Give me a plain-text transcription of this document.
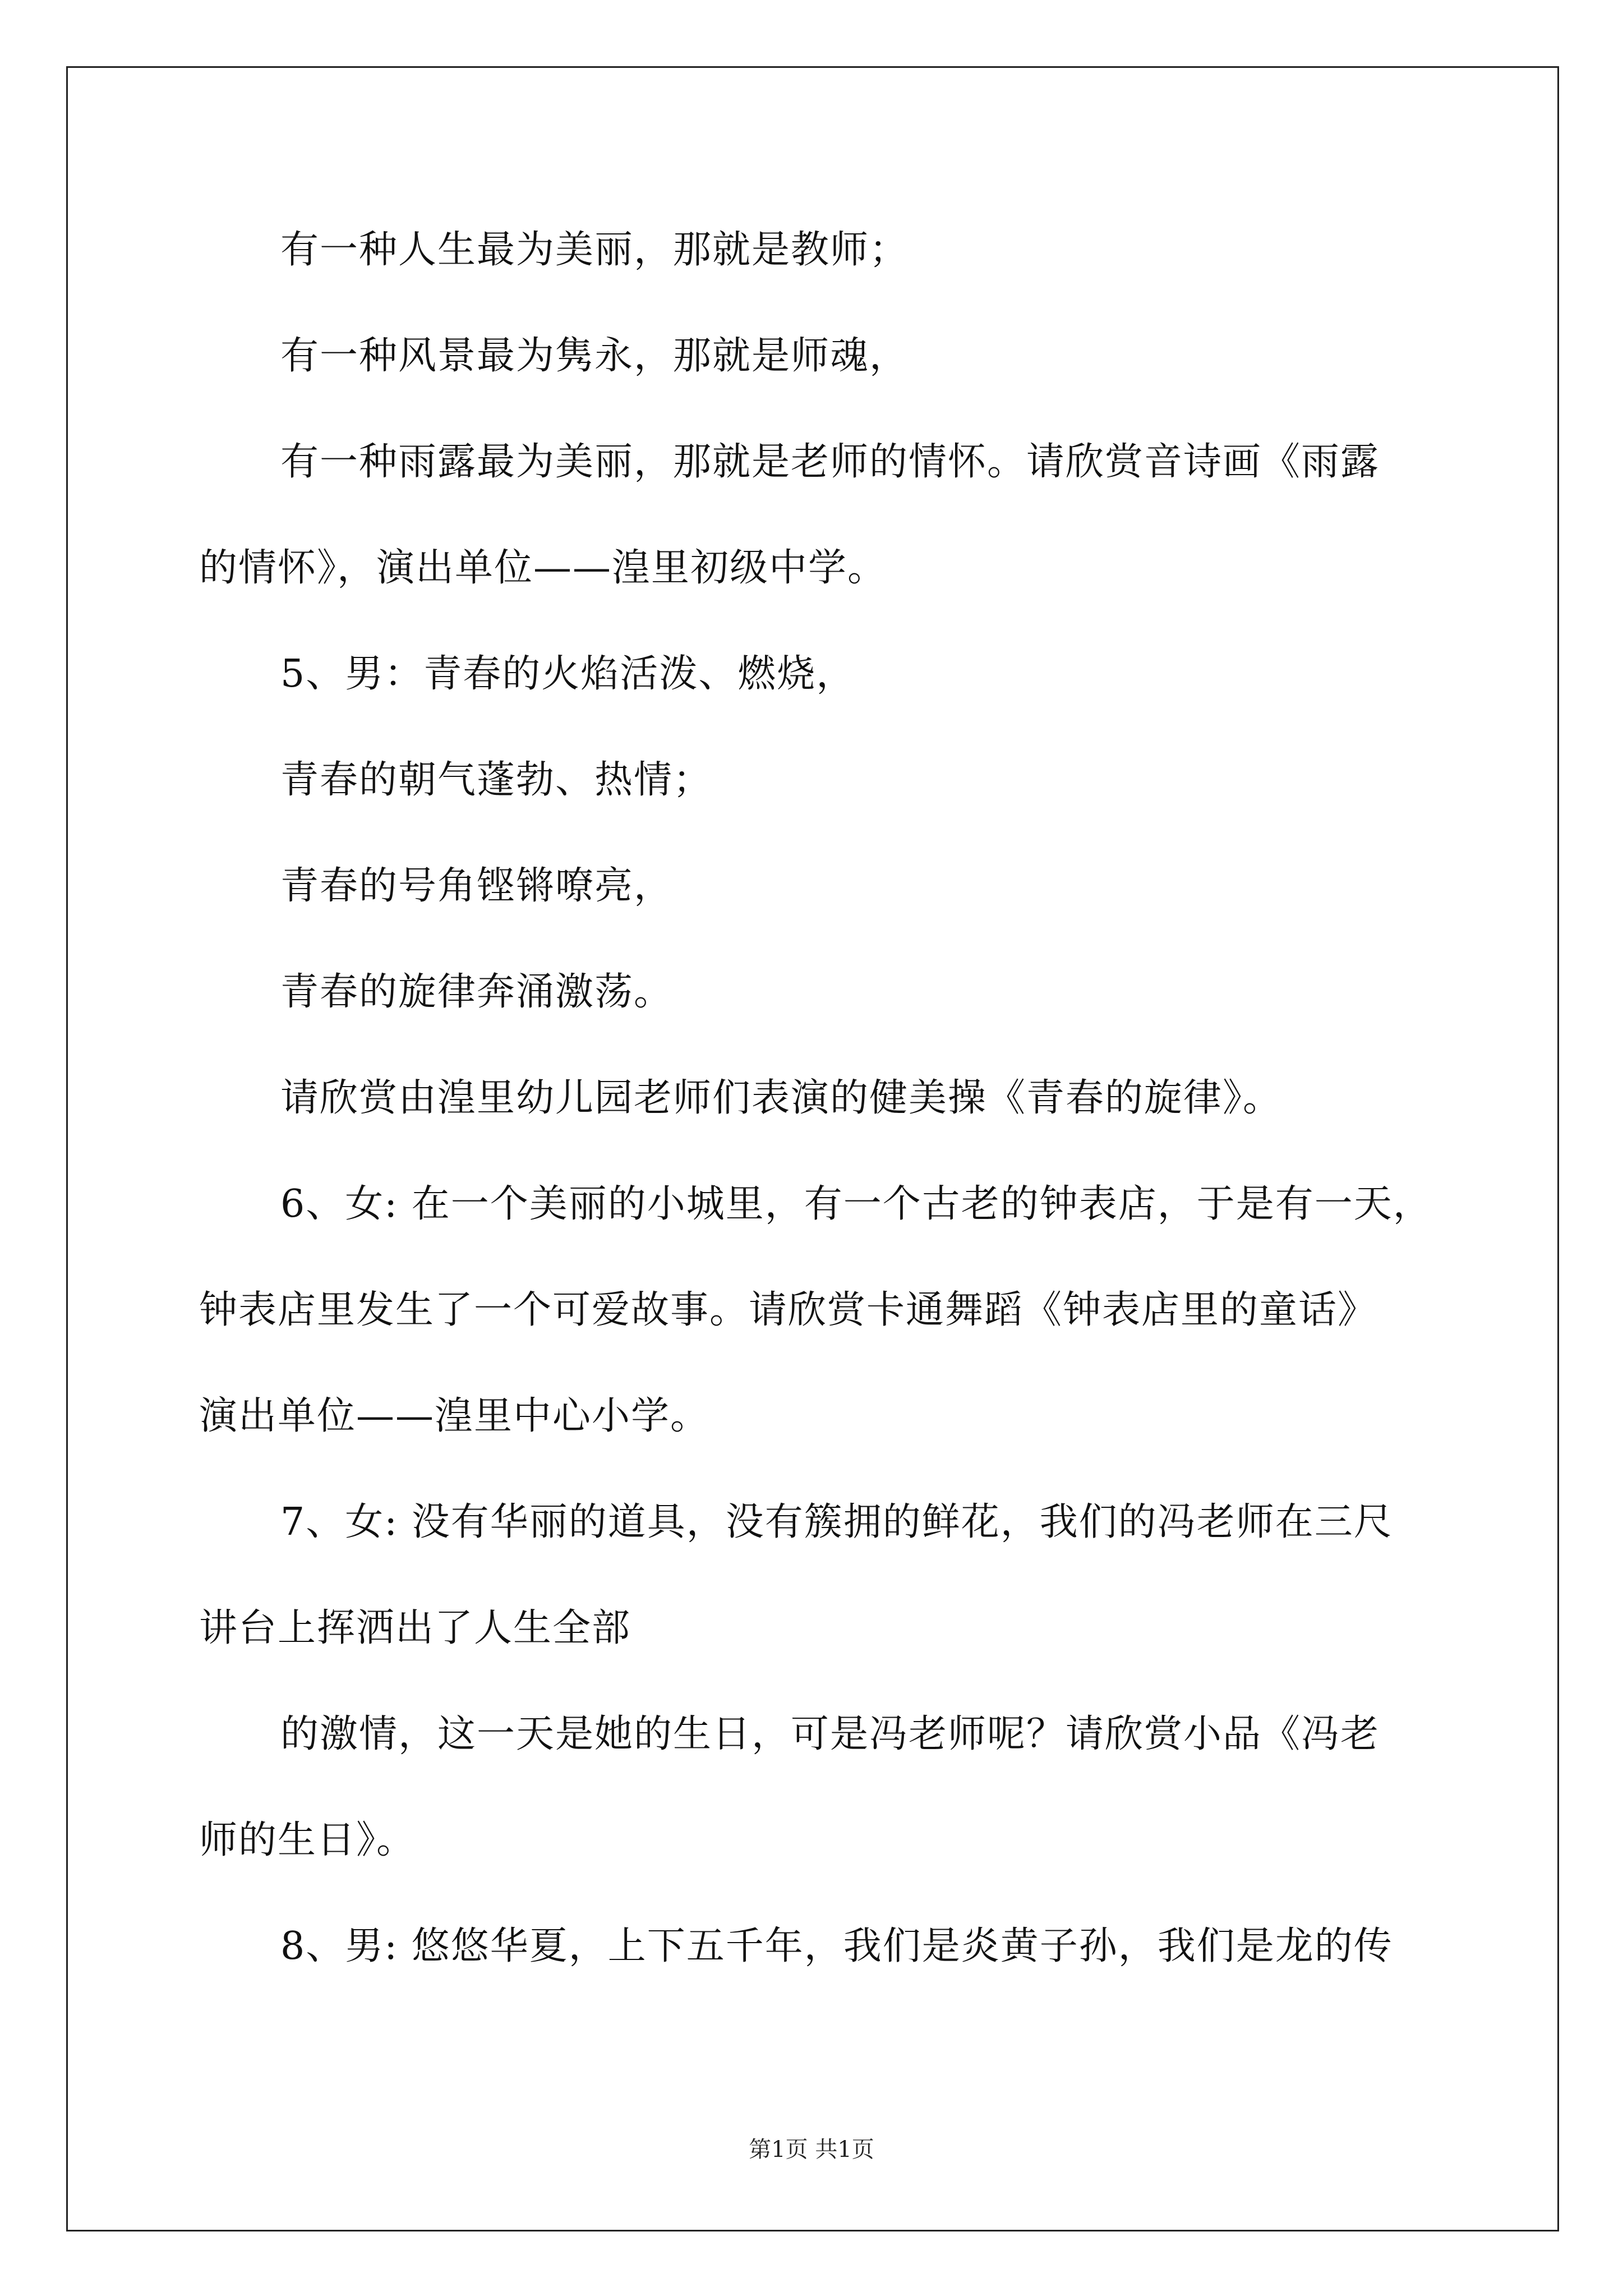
有一种人生最为美丽，那就是教师；
有一种风景最为隽永，那就是师魂，
有一种雨露最为美丽，那就是老师的情怀。请欣赏音诗画《雨露
的情怀》，演出单位——湟里初级中学。
5、男：青春的火焰活泼、燃烧，
青春的朝气蓬勃、热情；
青春的号角铿锵嘹亮，
青春的旋律奔涌激荡。
请欣赏由湟里幼儿园老师们表演的健美操《青春的旋律》。
6、女: 在一个美丽的小城里，有一个古老的钟表店，于是有一天，
钟表店里发生了一个可爱故事。请欣赏卡通舞蹈《钟表店里的童话》
演出单位——湟里中心小学。
7、女: 没有华丽的道具，没有簇拥的鲜花，我们的冯老师在三尺
讲台上挥洒出了人生全部
的激情，这一天是她的生日，可是冯老师呢？请欣赏小品《冯老
师的生日》。
8、男: 悠悠华夏，上下五千年，我们是炎黄子孙，我们是龙的传
第1页 共1页
